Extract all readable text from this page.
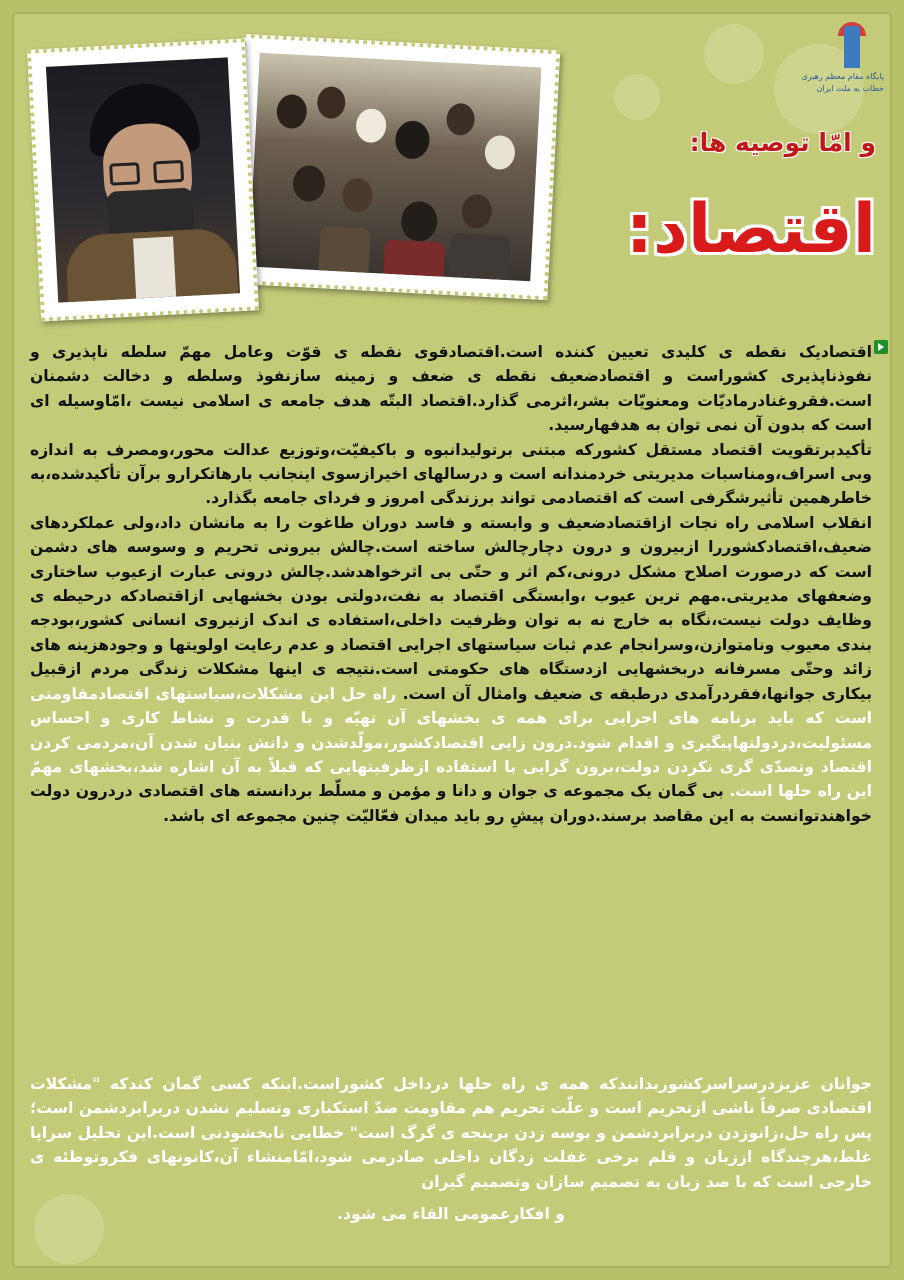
پایگاه مقام معظم رهبری
خطاب به ملت ایران
و امّا توصیه ها:
اقتصاد:

اقتصادیک نقطه ی کلیدی تعیین کننده است.اقتصادقوی نقطه ی قوّت وعامل مهمّ سلطه ناپذیری و نفوذناپذیری کشوراست و اقتصادضعیف نقطه ی ضعف و زمینه سازنفوذ وسلطه و دخالت دشمنان است.فقروغنادرمادیّات ومعنویّات بشر،اثرمی گذارد.اقتصاد البتّه هدف جامعه ی اسلامی نیست ،امّاوسیله ای است که بدون آن نمی توان به هدفهارسید.

تأکیدبرتقویت اقتصاد مستقل کشورکه مبتنی برتولیدانبوه و باکیفیّت،وتوزیع عدالت محور،ومصرف به اندازه وبی اسراف،ومناسبات مدیریتی خردمندانه است و درسالهای اخیرازسوی اینجانب بارهاتکرارو برآن تأکیدشده،به خاطرهمین تأثیرشگرفی است که اقتصادمی تواند برزندگی امروز و فردای جامعه بگذارد.

انقلاب اسلامی راه نجات ازاقتصادضعیف و وابسته و فاسد دوران طاغوت را به مانشان داد،ولی عملکردهای ضعیف،اقتصادکشوررا ازبیرون و درون دچارچالش ساخته است.چالش بیرونی تحریم و وسوسه های دشمن است که درصورت اصلاح مشکل درونی،کم اثر و حتّی بی اثرخواهدشد.چالش درونی عبارت ازعیوب ساختاری وضعفهای مدیریتی.مهم ترین عیوب ،وابستگی اقتصاد به نفت،دولتی بودن بخشهایی ازاقتصادکه درحیطه ی وظایف دولت نیست،نگاه به خارج نه به توان وظرفیت داخلی،استفاده ی اندک ازنیروی انسانی کشور،بودجه بندی معیوب ونامتوازن،وسرانجام عدم ثبات سیاستهای اجرایی اقتصاد و عدم رعایت اولویتها و وجودهزینه های زائد وحتّی مسرفانه دربخشهایی ازدستگاه های حکومتی است.نتیجه ی اینها مشکلات زندگی مردم ازقبیل بیکاری جوانها،فقردرآمدی درطبقه ی ضعیف وامثال آن است. راه حل این مشکلات،سیاستهای اقتصادمقاومتی است که باید برنامه های اجرایی برای همه ی بخشهای آن تهیّه و با قدرت و نشاط کاری و احساس مسئولیت،دردولتهاپیگیری و اقدام شود.درون زایی اقتصادکشور،مولّدشدن و دانش بنیان شدن آن،مردمی کردن اقتصاد وتصدّی گری نکردن دولت،برون گرایی با استفاده ازظرفیتهایی که قبلاً به آن اشاره شد،بخشهای مهمّ این راه حلها است. بی گمان یک مجموعه ی جوان و دانا و مؤمن و مسلّط بردانسته های اقتصادی دردرون دولت خواهندتوانست به این مقاصد برسند.دوران پیشِ رو باید میدان فعّالیّت چنین مجموعه ای باشد.

جوانان عزیزدرسراسرکشوربدانندکه همه ی راه حلها درداخل کشوراست.اینکه کسی گمان کندکه "مشکلات اقتصادی صرفاً ناشی ازتحریم است و علّت تحریم هم مقاومت ضدّ استکباری وتسلیم نشدن دربرابردشمن است؛پس راه حل،زانوزدن دربرابردشمن و بوسه زدن برپنجه ی گرگ است" خطایی نابخشودنی است.این تحلیل سراپا غلط،هرچندگاه اززبان و قلم برخی غفلت زدگان داخلی صادرمی شود،امّامنشاء آن،کانونهای فکروتوطئه ی خارجی است که با صد زبان به تصمیم سازان وتصمیم گیران

و افکارعمومی القاء می شود.
